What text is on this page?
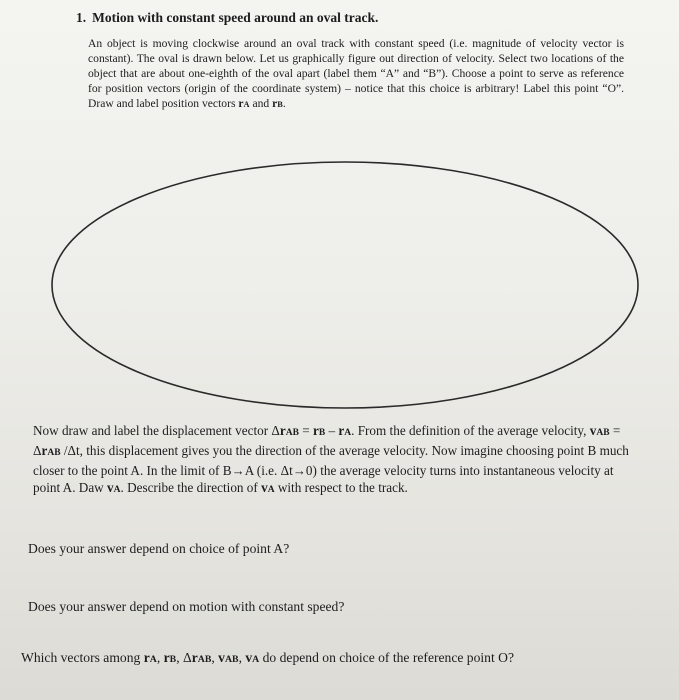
1. Motion with constant speed around an oval track.

An object is moving clockwise around an oval track with constant speed (i.e. magnitude of velocity vector is constant). The oval is drawn below. Let us graphically figure out direction of velocity. Select two locations of the object that are about one-eighth of the oval apart (label them “A” and “B”). Choose a point to serve as reference for position vectors (origin of the coordinate system) – notice that this choice is arbitrary! Label this point “O”. Draw and label position vectors rA and rB.

Now draw and label the displacement vector ΔrAB = rB – rA. From the definition of the average velocity, vAB = ΔrAB /Δt, this displacement gives you the direction of the average velocity. Now imagine choosing point B much closer to the point A. In the limit of B→A (i.e. Δt→0) the average velocity turns into instantaneous velocity at point A. Daw vA. Describe the direction of vA with respect to the track.

Does your answer depend on choice of point A?

Does your answer depend on motion with constant speed?

Which vectors among rA, rB, ΔrAB, vAB, vA do depend on choice of the reference point O?
